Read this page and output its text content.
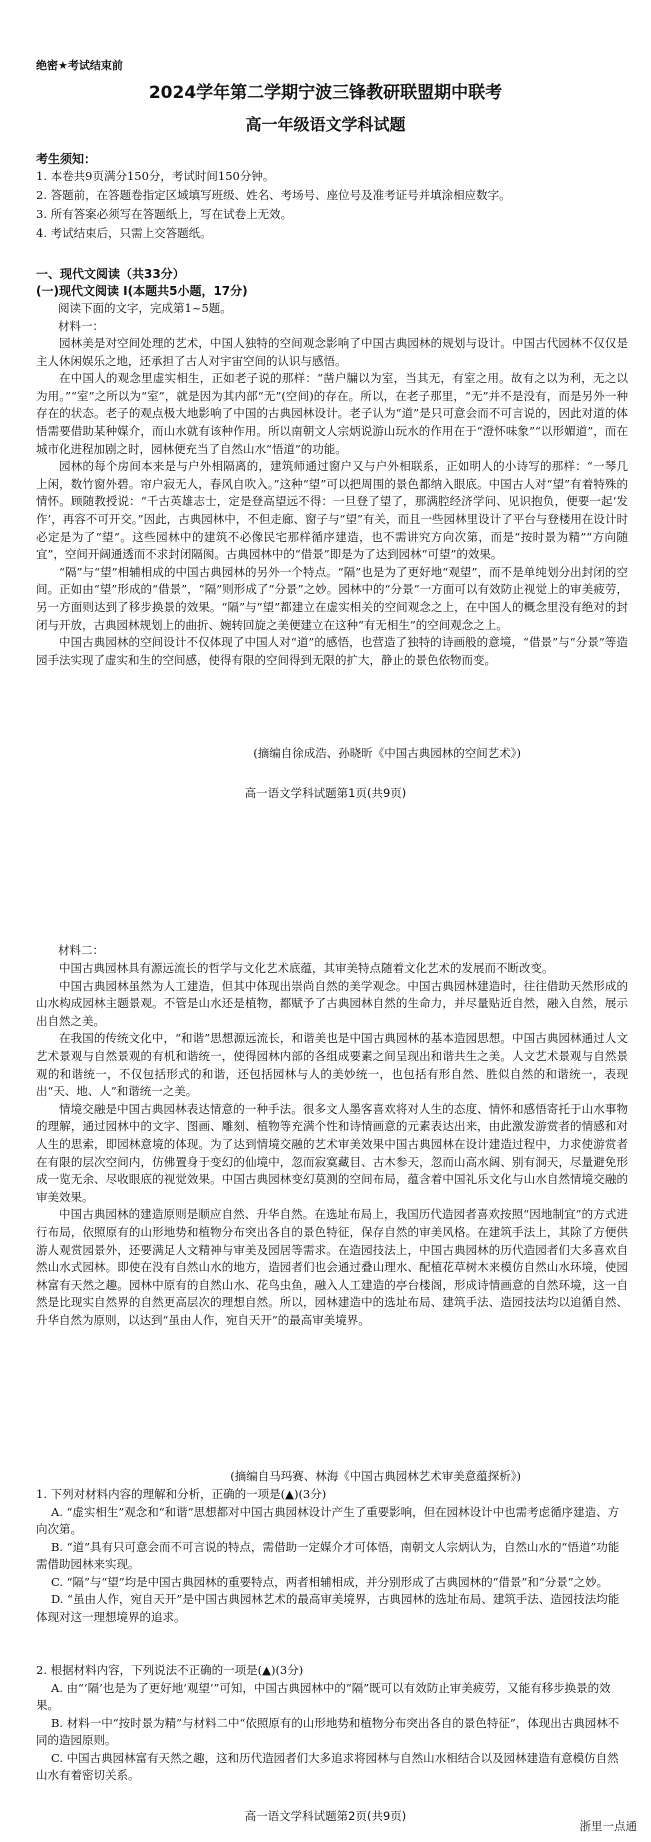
绝密★考试结束前
2024学年第二学期宁波三锋教研联盟期中联考
高一年级语文学科试题
考生须知：
1. 本卷共9页满分150分，考试时间150分钟。
2. 答题前，在答题卷指定区域填写班级、姓名、考场号、座位号及准考证号并填涂相应数字。
3. 所有答案必须写在答题纸上，写在试卷上无效。
4. 考试结束后，只需上交答题纸。
一、现代文阅读（共33分）
(一)现代文阅读 I(本题共5小题，17分)
阅读下面的文字，完成第1~5题。
材料一：

园林美是对空间处理的艺术，中国人独特的空间观念影响了中国古典园林的规划与设计。中国古代园林不仅仅是主人休闲娱乐之地，还承担了古人对宇宙空间的认识与感悟。

在中国人的观念里虚实相生，正如老子说的那样：“凿户牖以为室，当其无，有室之用。故有之以为利，无之以为用。”“室”之所以为“室”，就是因为其内部“无”(空间)的存在。所以，在老子那里，“无”并不是没有，而是另外一种存在的状态。老子的观点极大地影响了中国的古典园林设计。老子认为“道”是只可意会而不可言说的，因此对道的体悟需要借助某种媒介，而山水就有该种作用。所以南朝文人宗炳说游山玩水的作用在于“澄怀味象”“以形媚道”，而在城市化进程加剧之时，园林便充当了自然山水“悟道”的功能。

园林的每个房间本来是与户外相隔离的，建筑师通过窗户又与户外相联系，正如明人的小诗写的那样：“一琴几上闲，数竹窗外碧。帘户寂无人，春风自吹入。”这种“望”可以把周围的景色都纳入眼底。中国古人对“望”有着特殊的情怀。顾随教授说：“千古英雄志士，定是登高望远不得：一旦登了望了，那满腔经济学问、见识抱负，便要一起‘发作’，再容不可开交。”因此，古典园林中，不但走廊、窗子与“望”有关，而且一些园林里设计了平台与登楼用在设计时必定是为了“望”。这些园林中的建筑不必像民宅那样循序建造，也不需讲究方向次第，而是“按时景为精”“方向随宜”，空间开阔通透而不求封闭隔阂。古典园林中的“借景”即是为了达到园林“可望”的效果。

“隔”与“望”相辅相成的中国古典园林的另外一个特点。“隔”也是为了更好地“观望”，而不是单纯划分出封闭的空间。正如由“望”形成的“借景”，“隔”则形成了“分景”之妙。园林中的“分景”一方面可以有效防止视觉上的审美疲劳，另一方面则达到了移步换景的效果。“隔”与“望”都建立在虚实相关的空间观念之上，在中国人的概念里没有绝对的封闭与开放，古典园林规划上的曲折、婉转回旋之美便建立在这种“有无相生”的空间观念之上。

中国古典园林的空间设计不仅体现了中国人对“道”的感悟，也营造了独特的诗画般的意境，“借景”与“分景”等造园手法实现了虚实和生的空间感，使得有限的空间得到无限的扩大，静止的景色依物而变。

(摘编自徐成浩、孙晓昕《中国古典园林的空间艺术》)
高一语文学科试题第1页(共9页)
材料二：

中国古典园林具有源远流长的哲学与文化艺术底蕴，其审美特点随着文化艺术的发展而不断改变。

中国古典园林虽然为人工建造，但其中体现出崇尚自然的美学观念。中国古典园林建造时，往往借助天然形成的山水构成园林主题景观。不管是山水还是植物，都赋予了古典园林自然的生命力，并尽量贴近自然，融入自然，展示出自然之美。

在我国的传统文化中，“和谐”思想源远流长，和谐美也是中国古典园林的基本造园思想。中国古典园林通过人文艺术景观与自然景观的有机和谐统一，使得园林内部的各组成要素之间呈现出和谐共生之美。人文艺术景观与自然景观的和谐统一，不仅包括形式的和谐，还包括园林与人的美妙统一，也包括有形自然、胜似自然的和谐统一，表现出“天、地、人”和谐统一之美。

情境交融是中国古典园林表达情意的一种手法。很多文人墨客喜欢将对人生的态度、情怀和感悟寄托于山水事物的理解，通过园林中的文字、图画、雕刻、植物等充满个性和诗情画意的元素表达出来，由此激发游赏者的情感和对人生的思索，即园林意境的体现。为了达到情境交融的艺术审美效果中国古典园林在设计建造过程中，力求使游赏者在有限的层次空间内，仿佛置身于变幻的仙境中，忽而寂寞藏目、古木参天，忽而山高水阔、别有洞天，尽量避免形成一览无余、尽收眼底的视觉效果。中国古典园林变幻莫测的空间布局，蕴含着中国礼乐文化与山水自然情境交融的审美效果。

中国古典园林的建造原则是顺应自然、升华自然。在选址布局上，我国历代造园者喜欢按照“因地制宜”的方式进行布局，依照原有的山形地势和植物分布突出各自的景色特征，保存自然的审美风格。在建筑手法上，其除了方便供游人观赏园景外，还要满足人文精神与审美及园居等需求。在造园技法上，中国古典园林的历代造园者们大多喜欢自然山水式园林。即使在没有自然山水的地方，造园者们也会通过叠山理水、配植花草树木来模仿自然山水环境，使园林富有天然之趣。园林中原有的自然山水、花鸟虫鱼，融入人工建造的亭台楼阁，形成诗情画意的自然环境，这一自然是比现实自然界的自然更高层次的理想自然。所以，园林建造中的选址布局、建筑手法、造园技法均以追循自然、升华自然为原则，以达到“虽由人作，宛自天开”的最高审美境界。

(摘编自马玛赛、林海《中国古典园林艺术审美意蕴探析》)

1. 下列对材料内容的理解和分析，正确的一项是(▲)(3分)

A. “虚实相生”观念和“和谐”思想都对中国古典园林设计产生了重要影响，但在园林设计中也需考虑循序建造、方向次第。

B. “道”具有只可意会而不可言说的特点，需借助一定媒介才可体悟，南朝文人宗炳认为，自然山水的“悟道”功能需借助园林来实现。

C. “隔”与“望”均是中国古典园林的重要特点，两者相辅相成，并分别形成了古典园林的“借景”和“分景”之妙。

D. “虽由人作，宛自天开”是中国古典园林艺术的最高审美境界，古典园林的选址布局、建筑手法、造园技法均能体现对这一理想境界的追求。

2. 根据材料内容，下列说法不正确的一项是(▲)(3分)

A. 由“‘隔’也是为了更好地‘观望’”可知，中国古典园林中的“隔”既可以有效防止审美疲劳，又能有移步换景的效果。

B. 材料一中“按时景为精”与材料二中“依照原有的山形地势和植物分布突出各自的景色特征”，体现出古典园林不同的造园原则。

C. 中国古典园林富有天然之趣，这和历代造园者们大多追求将园林与自然山水相结合以及园林建造有意模仿自然山水有着密切关系。

高一语文学科试题第2页(共9页)
浙里一点通
